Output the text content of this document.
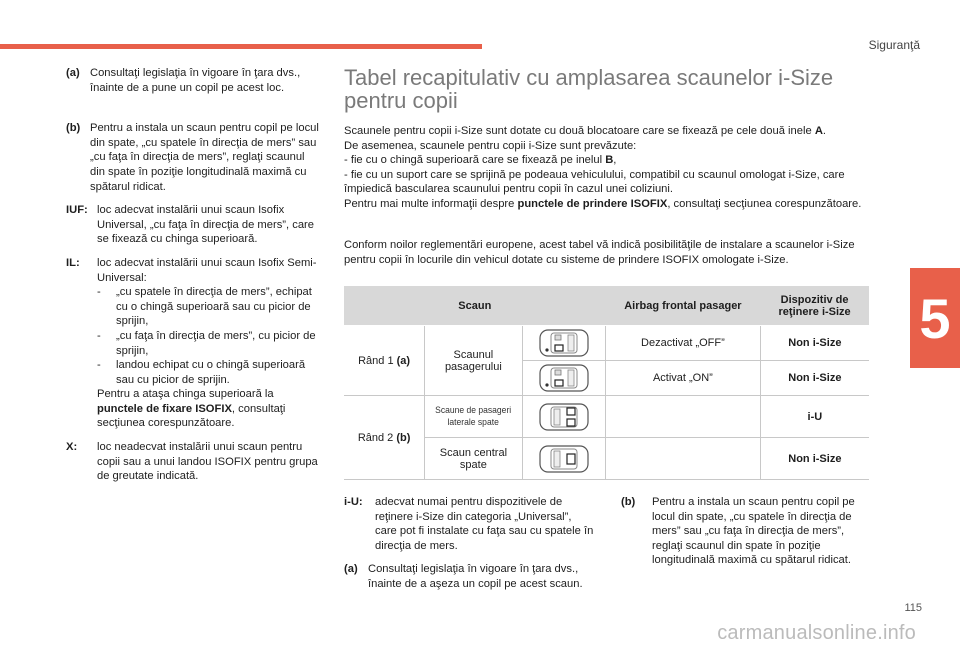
Siguranţă
5
(a) Consultaţi legislaţia în vigoare în ţara dvs., înainte de a pune un copil pe acest loc.
(b) Pentru a instala un scaun pentru copil pe locul din spate, „cu spatele în direcţia de mers” sau „cu faţa în direcţia de mers”, reglaţi scaunul din spate în poziţie longitudinală maximă cu spătarul ridicat.
IUF: loc adecvat instalării unui scaun Isofix Universal, „cu faţa în direcţia de mers”, care se fixează cu chinga superioară.
IL:	loc adecvat instalării unui scaun Isofix Semi-Universal:
-	„cu spatele în direcţia de mers”, echipat cu o chingă superioară sau cu picior de sprijin,
-	„cu faţa în direcţia de mers”, cu picior de sprijin,
-	landou echipat cu o chingă superioară sau cu picior de sprijin.
Pentru a ataşa chinga superioară la punctele de fixare ISOFIX, consultaţi secţiunea corespunzătoare.
X:	loc neadecvat instalării unui scaun pentru copii sau a unui landou ISOFIX pentru grupa de greutate indicată.
Tabel recapitulativ cu amplasarea scaunelor i-Size pentru copii

Scaunele pentru copii i-Size sunt dotate cu două blocatoare care se fixează pe cele două inele A.
De asemenea, scaunele pentru copii i-Size sunt prevăzute:
- fie cu o chingă superioară care se fixează pe inelul B,
- fie cu un suport care se sprijină pe podeaua vehiculului, compatibil cu scaunul omologat i-Size, care împiedică bascularea scaunului pentru copii în cazul unei coliziuni.
Pentru mai multe informaţii despre punctele de prindere ISOFIX, consultaţi secţiunea corespunzătoare.

Conform noilor reglementări europene, acest tabel vă indică posibilităţile de instalare a scaunelor i-Size pentru copii în locurile din vehicul dotate cu sisteme de prindere ISOFIX omologate i-Size.

Scaun			Airbag frontal pasager	Dispozitiv de reţinere i-Size
Rând 1 (a)	Scaunul pasagerului		Dezactivat „OFF”	Non i-Size

	Activat „ON”	Non i-Size
Rând 2 (b)	Scaune de pasageri laterale spate			i-U
	Scaun central spate			Non i-Size
i-U:	adecvat numai pentru dispozitivele de reţinere i-Size din categoria „Universal”, care pot fi instalate cu faţa sau cu spatele în direcţia de mers.
(a) Consultaţi legislaţia în vigoare în ţara dvs., înainte de a aşeza un copil pe acest scaun.
(b)	Pentru a instala un scaun pentru copil pe locul din spate, „cu spatele în direcţia de mers” sau „cu faţa în direcţia de mers”, reglaţi scaunul din spate în poziţie longitudinală maximă cu spătarul ridicat.
115
carmanualsonline.info
